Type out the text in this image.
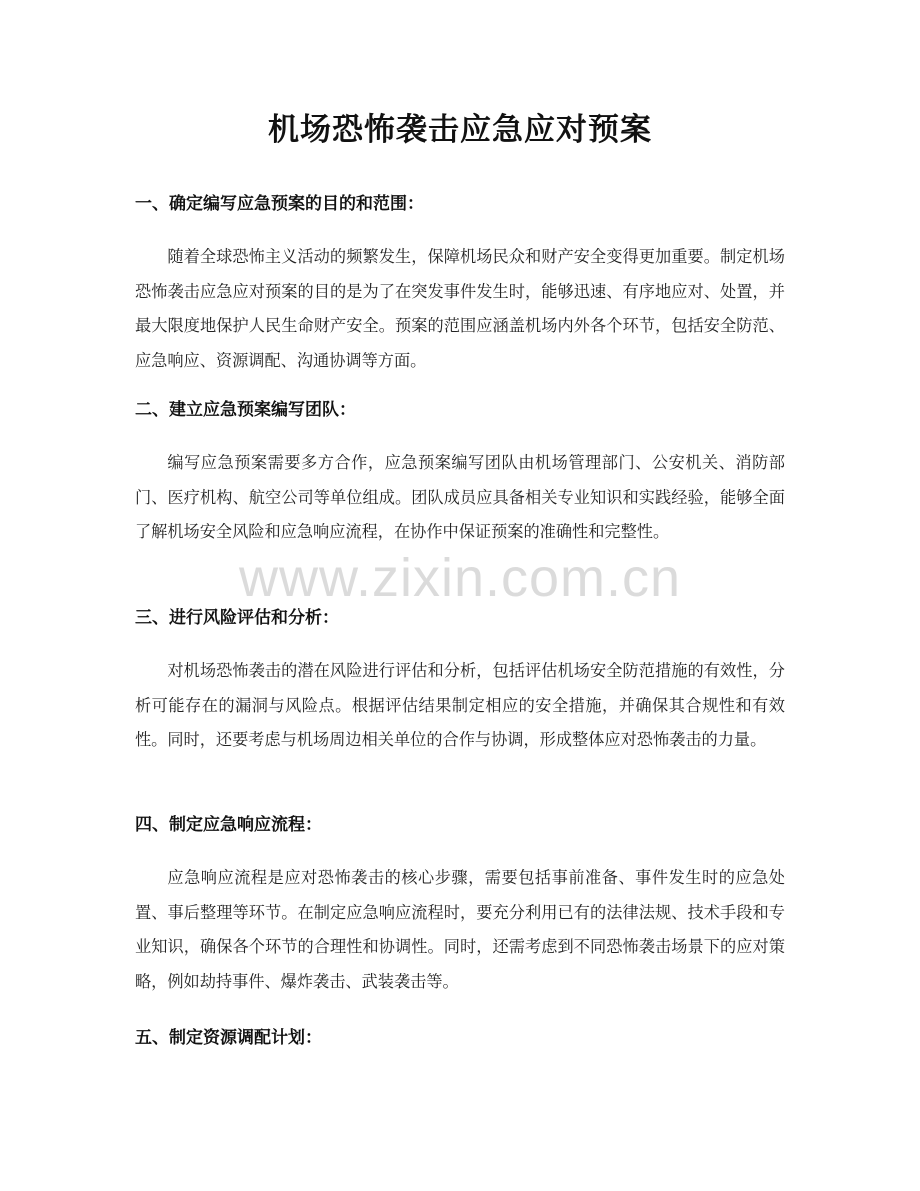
机场恐怖袭击应急应对预案
一、确定编写应急预案的目的和范围：

随着全球恐怖主义活动的频繁发生，保障机场民众和财产安全变得更加重要。制定机场恐怖袭击应急应对预案的目的是为了在突发事件发生时，能够迅速、有序地应对、处置，并最大限度地保护人民生命财产安全。预案的范围应涵盖机场内外各个环节，包括安全防范、应急响应、资源调配、沟通协调等方面。

二、建立应急预案编写团队：

编写应急预案需要多方合作，应急预案编写团队由机场管理部门、公安机关、消防部门、医疗机构、航空公司等单位组成。团队成员应具备相关专业知识和实践经验，能够全面了解机场安全风险和应急响应流程，在协作中保证预案的准确性和完整性。

三、进行风险评估和分析：

对机场恐怖袭击的潜在风险进行评估和分析，包括评估机场安全防范措施的有效性，分析可能存在的漏洞与风险点。根据评估结果制定相应的安全措施，并确保其合规性和有效性。同时，还要考虑与机场周边相关单位的合作与协调，形成整体应对恐怖袭击的力量。

四、制定应急响应流程：

应急响应流程是应对恐怖袭击的核心步骤，需要包括事前准备、事件发生时的应急处置、事后整理等环节。在制定应急响应流程时，要充分利用已有的法律法规、技术手段和专业知识，确保各个环节的合理性和协调性。同时，还需考虑到不同恐怖袭击场景下的应对策略，例如劫持事件、爆炸袭击、武装袭击等。

五、制定资源调配计划：
www.zixin.com.cn
